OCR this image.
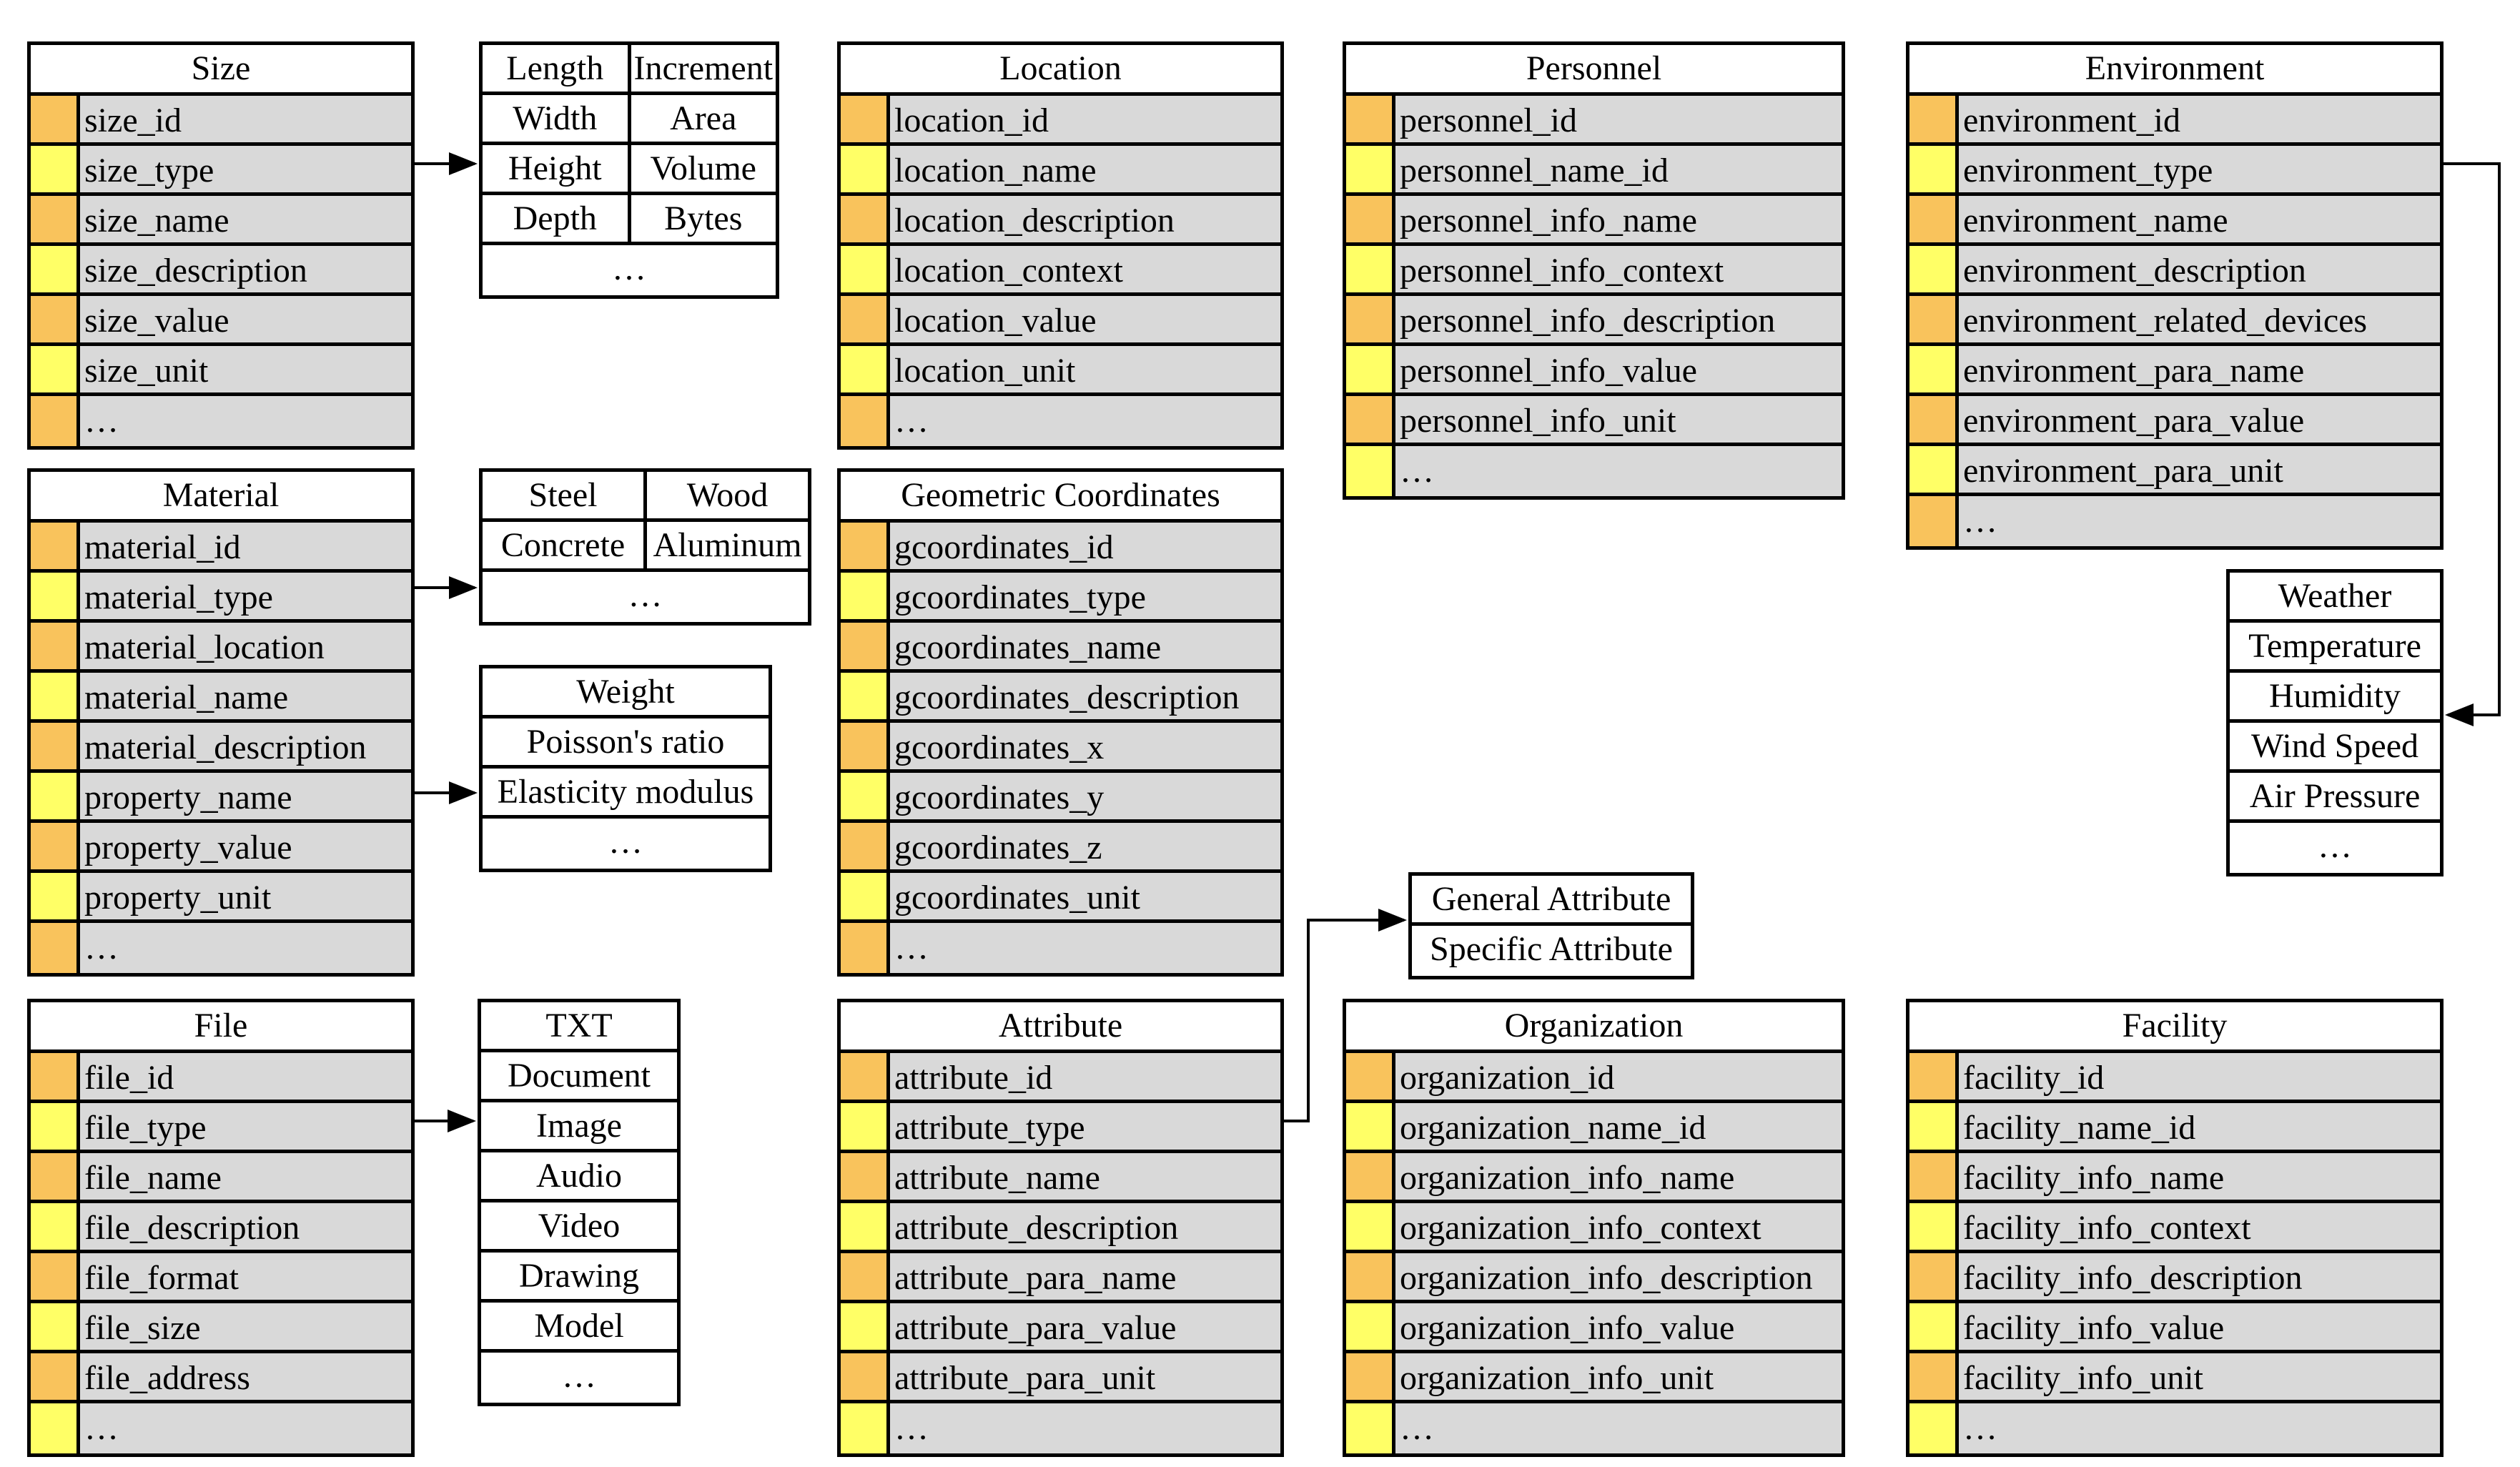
Size
size_id
size_type
size_name
size_description
size_value
size_unit
…
Material
material_id
material_type
material_location
material_name
material_description
property_name
property_value
property_unit
…
File
file_id
file_type
file_name
file_description
file_format
file_size
file_address
…
Location
location_id
location_name
location_description
location_context
location_value
location_unit
…
Geometric Coordinates
gcoordinates_id
gcoordinates_type
gcoordinates_name
gcoordinates_description
gcoordinates_x
gcoordinates_y
gcoordinates_z
gcoordinates_unit
…
Attribute
attribute_id
attribute_type
attribute_name
attribute_description
attribute_para_name
attribute_para_value
attribute_para_unit
…
Personnel
personnel_id
personnel_name_id
personnel_info_name
personnel_info_context
personnel_info_description
personnel_info_value
personnel_info_unit
…
Organization
organization_id
organization_name_id
organization_info_name
organization_info_context
organization_info_description
organization_info_value
organization_info_unit
…
Environment
environment_id
environment_type
environment_name
environment_description
environment_related_devices
environment_para_name
environment_para_value
environment_para_unit
…
Facility
facility_id
facility_name_id
facility_info_name
facility_info_context
facility_info_description
facility_info_value
facility_info_unit
…
Length Increment
Width	Area
Height	Volume
Depth	Bytes
…
Steel	Wood
Concrete Aluminum
…
Weight
Poisson's ratio
Elasticity modulus
…
TXT
Document
Image
Audio
Video
Drawing
Model
…
General Attribute
Specific Attribute
Weather
Temperature
Humidity
Wind Speed
Air Pressure
…
